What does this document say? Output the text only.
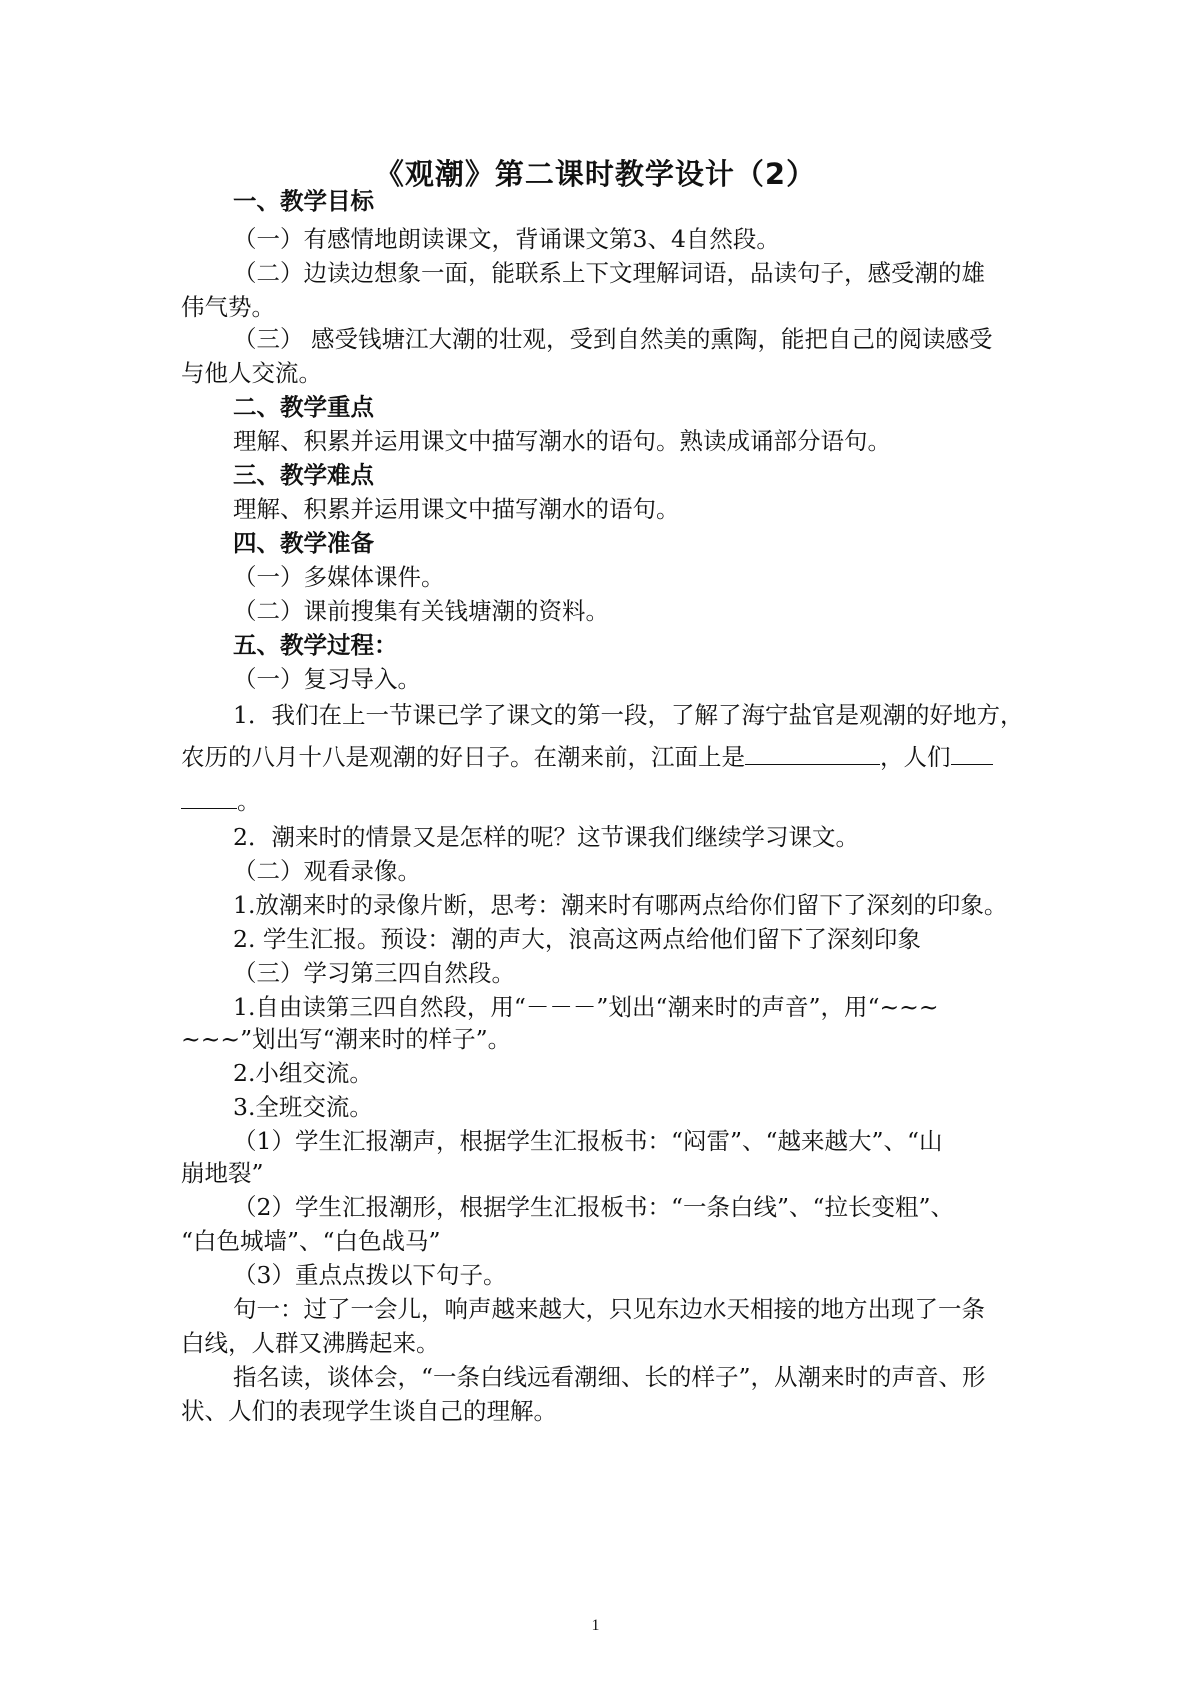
《观潮》第二课时教学设计（2）
一、教学目标
（一）有感情地朗读课文，背诵课文第3、4自然段。
（二）边读边想象一面，能联系上下文理解词语，品读句子，感受潮的雄
伟气势。
（三） 感受钱塘江大潮的壮观，受到自然美的熏陶，能把自己的阅读感受
与他人交流。
二、教学重点
理解、积累并运用课文中描写潮水的语句。熟读成诵部分语句。
三、教学难点
理解、积累并运用课文中描写潮水的语句。
四、教学准备
（一）多媒体课件。
（二）课前搜集有关钱塘潮的资料。
五、教学过程：
（一）复习导入。
1．我们在上一节课已学了课文的第一段，了解了海宁盐官是观潮的好地方，
农历的八月十八是观潮的好日子。在潮来前，江面上是	，人们
。
2．潮来时的情景又是怎样的呢？这节课我们继续学习课文。
（二）观看录像。
1.放潮来时的录像片断，思考：潮来时有哪两点给你们留下了深刻的印象。
2. 学生汇报。预设：潮的声大，浪高这两点给他们留下了深刻印象
（三）学习第三四自然段。
1.自由读第三四自然段，用“－－－”划出“潮来时的声音”，用“~~~
~~~”划出写“潮来时的样子”。
2.小组交流。
3.全班交流。
（1）学生汇报潮声，根据学生汇报板书：“闷雷”、“越来越大”、“山
崩地裂”
（2）学生汇报潮形，根据学生汇报板书：“一条白线”、“拉长变粗”、
“白色城墙”、“白色战马”
（3）重点点拨以下句子。
句一：过了一会儿，响声越来越大，只见东边水天相接的地方出现了一条
白线，人群又沸腾起来。
指名读，谈体会，“一条白线远看潮细、长的样子”，从潮来时的声音、形
状、人们的表现学生谈自己的理解。
1
